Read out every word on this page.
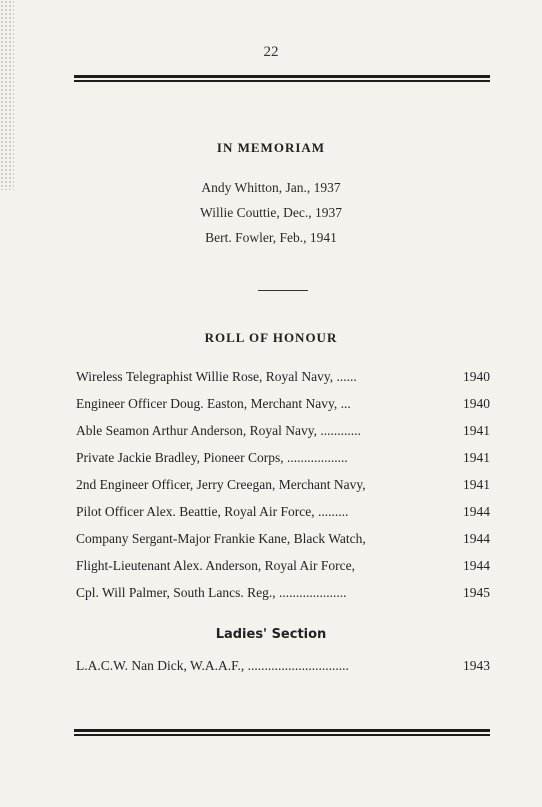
22
IN MEMORIAM
Andy Whitton, Jan., 1937
Willie Couttie, Dec., 1937
Bert. Fowler, Feb., 1941
ROLL OF HONOUR
Wireless Telegraphist Willie Rose, Royal Navy, ......	1940
Engineer Officer Doug. Easton, Merchant Navy, ...	1940
Able Seamon Arthur Anderson, Royal Navy, ............	1941
Private Jackie Bradley, Pioneer Corps, ..................	1941
2nd Engineer Officer, Jerry Creegan, Merchant Navy,	1941
Pilot Officer Alex. Beattie, Royal Air Force, .........	1944
Company Sergant-Major Frankie Kane, Black Watch,	1944
Flight-Lieutenant Alex. Anderson, Royal Air Force,	1944
Cpl. Will Palmer, South Lancs. Reg., ....................	1945
Ladies' Section
L.A.C.W. Nan Dick, W.A.A.F., ..............................	1943
